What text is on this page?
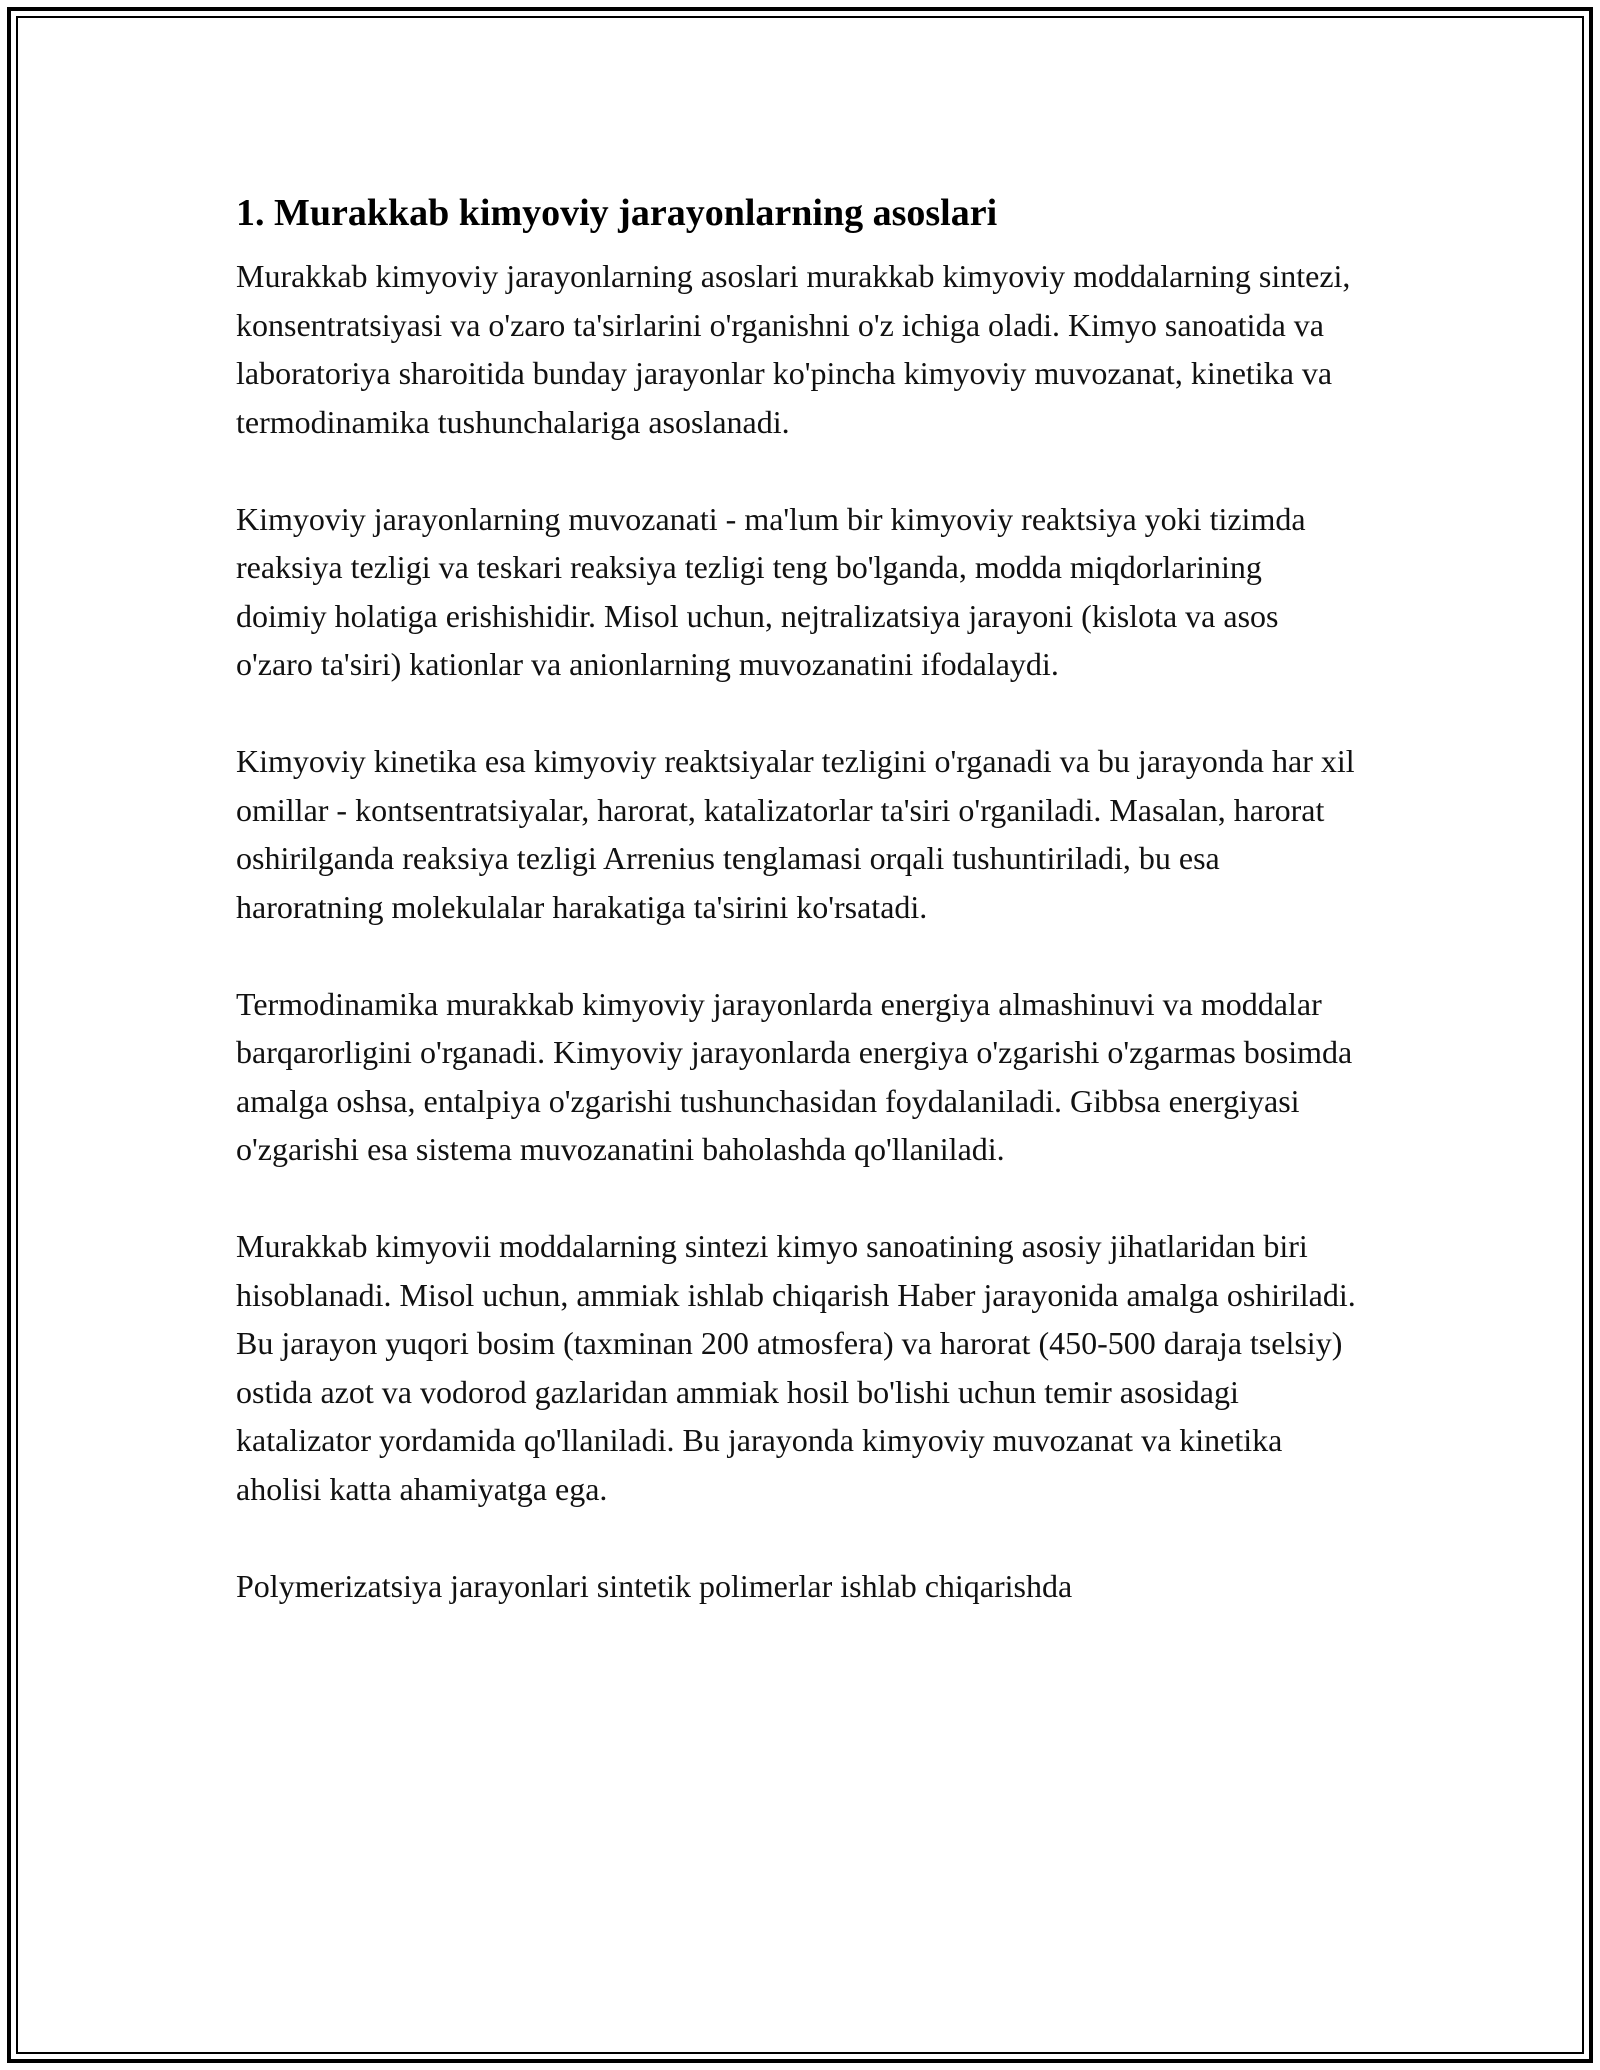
1. Murakkab kimyoviy jarayonlarning asoslari

Murakkab kimyoviy jarayonlarning asoslari murakkab kimyoviy moddalarning sintezi, konsentratsiyasi va o'zaro ta'sirlarini o'rganishni o'z ichiga oladi. Kimyo sanoatida va laboratoriya sharoitida bunday jarayonlar ko'pincha kimyoviy muvozanat, kinetika va termodinamika tushunchalariga asoslanadi.

Kimyoviy jarayonlarning muvozanati - ma'lum bir kimyoviy reaktsiya yoki tizimda reaksiya tezligi va teskari reaksiya tezligi teng bo'lganda, modda miqdorlarining doimiy holatiga erishishidir. Misol uchun, nejtralizatsiya jarayoni (kislota va asos o'zaro ta'siri) kationlar va anionlarning muvozanatini ifodalaydi.

Kimyoviy kinetika esa kimyoviy reaktsiyalar tezligini o'rganadi va bu jarayonda har xil omillar - kontsentratsiyalar, harorat, katalizatorlar ta'siri o'rganiladi. Masalan, harorat oshirilganda reaksiya tezligi Arrenius tenglamasi orqali tushuntiriladi, bu esa haroratning molekulalar harakatiga ta'sirini ko'rsatadi.

Termodinamika murakkab kimyoviy jarayonlarda energiya almashinuvi va moddalar barqarorligini o'rganadi. Kimyoviy jarayonlarda energiya o'zgarishi o'zgarmas bosimda amalga oshsa, entalpiya o'zgarishi tushunchasidan foydalaniladi. Gibbsa energiyasi o'zgarishi esa sistema muvozanatini baholashda qo'llaniladi.

Murakkab kimyovii moddalarning sintezi kimyo sanoatining asosiy jihatlaridan biri hisoblanadi. Misol uchun, ammiak ishlab chiqarish Haber jarayonida amalga oshiriladi. Bu jarayon yuqori bosim (taxminan 200 atmosfera) va harorat (450-500 daraja tselsiy) ostida azot va vodorod gazlaridan ammiak hosil bo'lishi uchun temir asosidagi katalizator yordamida qo'llaniladi. Bu jarayonda kimyoviy muvozanat va kinetika aholisi katta ahamiyatga ega.

Polymerizatsiya jarayonlari sintetik polimerlar ishlab chiqarishda
